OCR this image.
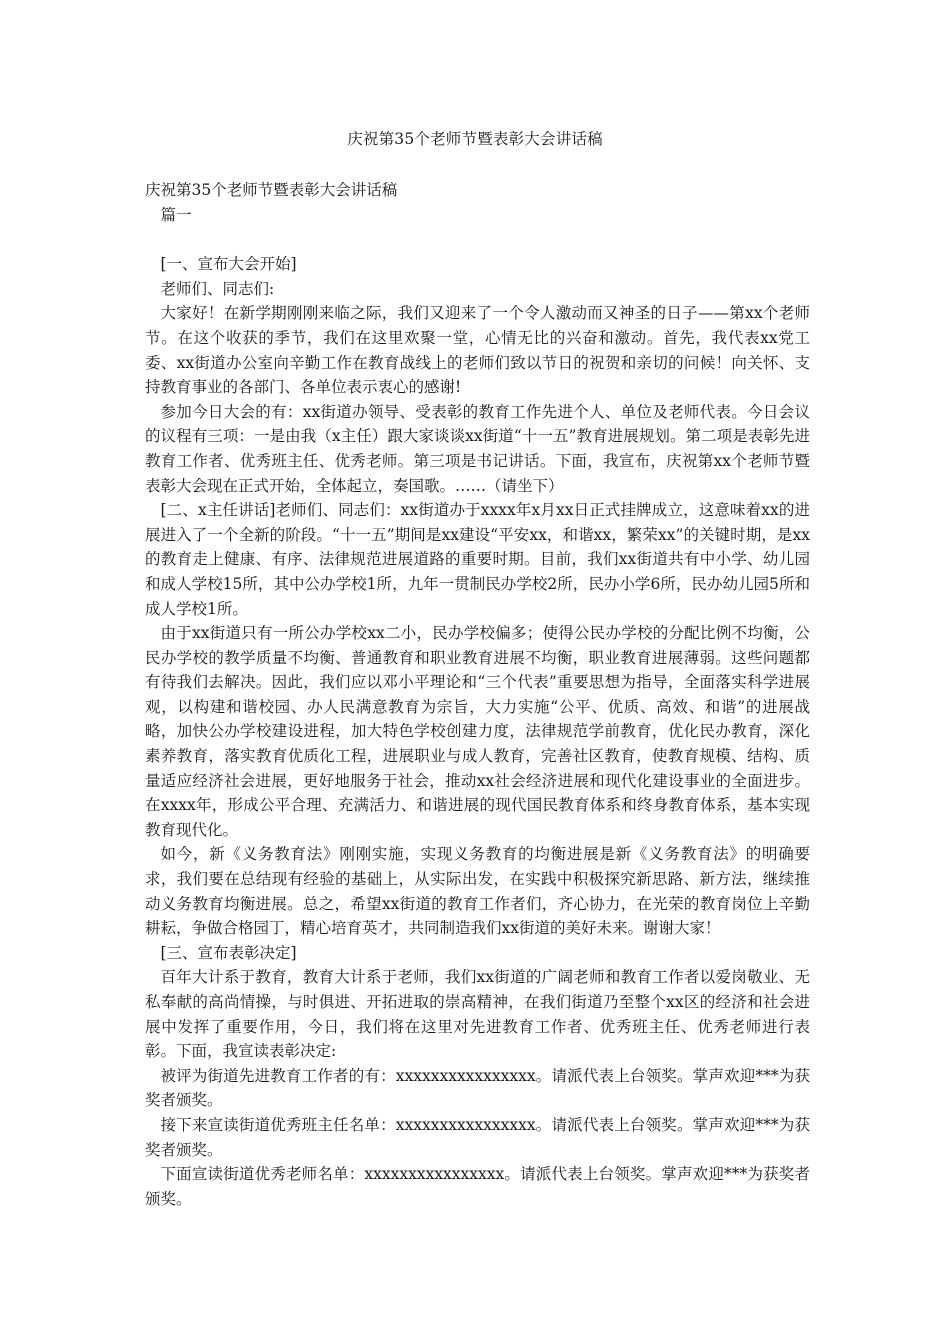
庆祝第35个老师节暨表彰大会讲话稿

庆祝第35个老师节暨表彰大会讲话稿

篇一

[一、宣布大会开始]

老师们、同志们:

大家好！在新学期刚刚来临之际，我们又迎来了一个令人激动而又神圣的日子——第xx个老师节。在这个收获的季节，我们在这里欢聚一堂，心情无比的兴奋和激动。首先，我代表xx党工委、xx街道办公室向辛勤工作在教育战线上的老师们致以节日的祝贺和亲切的问候！向关怀、支持教育事业的各部门、各单位表示衷心的感谢!

参加今日大会的有：xx街道办领导、受表彰的教育工作先进个人、单位及老师代表。今日会议的议程有三项：一是由我（x主任）跟大家谈谈xx街道“十一五”教育进展规划。第二项是表彰先进教育工作者、优秀班主任、优秀老师。第三项是书记讲话。下面，我宣布，庆祝第xx个老师节暨表彰大会现在正式开始，全体起立，奏国歌。……（请坐下）

[二、x主任讲话]老师们、同志们：xx街道办于xxxx年x月xx日正式挂牌成立，这意味着xx的进展进入了一个全新的阶段。“十一五”期间是xx建设“平安xx，和谐xx，繁荣xx”的关键时期，是xx的教育走上健康、有序、法律规范进展道路的重要时期。目前，我们xx街道共有中小学、幼儿园和成人学校15所，其中公办学校1所，九年一贯制民办学校2所，民办小学6所，民办幼儿园5所和成人学校1所。

由于xx街道只有一所公办学校xx二小，民办学校偏多；使得公民办学校的分配比例不均衡，公民办学校的教学质量不均衡、普通教育和职业教育进展不均衡，职业教育进展薄弱。这些问题都有待我们去解决。因此，我们应以邓小平理论和“三个代表”重要思想为指导，全面落实科学进展观，以构建和谐校园、办人民满意教育为宗旨，大力实施“公平、优质、高效、和谐”的进展战略，加快公办学校建设进程，加大特色学校创建力度，法律规范学前教育，优化民办教育，深化素养教育，落实教育优质化工程，进展职业与成人教育，完善社区教育，使教育规模、结构、质量适应经济社会进展，更好地服务于社会，推动xx社会经济进展和现代化建设事业的全面进步。在xxxx年，形成公平合理、充满活力、和谐进展的现代国民教育体系和终身教育体系，基本实现教育现代化。

如今，新《义务教育法》刚刚实施，实现义务教育的均衡进展是新《义务教育法》的明确要求，我们要在总结现有经验的基础上，从实际出发，在实践中积极探究新思路、新方法，继续推动义务教育均衡进展。总之，希望xx街道的教育工作者们，齐心协力，在光荣的教育岗位上辛勤耕耘，争做合格园丁，精心培育英才，共同制造我们xx街道的美好未来。谢谢大家！

[三、宣布表彰决定]

百年大计系于教育，教育大计系于老师，我们xx街道的广阔老师和教育工作者以爱岗敬业、无私奉献的高尚情操，与时俱进、开拓进取的崇高精神，在我们街道乃至整个xx区的经济和社会进展中发挥了重要作用，今日，我们将在这里对先进教育工作者、优秀班主任、优秀老师进行表彰。下面，我宣读表彰决定:

被评为街道先进教育工作者的有：xxxxxxxxxxxxxxxx。请派代表上台领奖。掌声欢迎***为获奖者颁奖。

接下来宣读街道优秀班主任名单：xxxxxxxxxxxxxxxx。请派代表上台领奖。掌声欢迎***为获奖者颁奖。

下面宣读街道优秀老师名单：xxxxxxxxxxxxxxxx。请派代表上台领奖。掌声欢迎***为获奖者颁奖。
